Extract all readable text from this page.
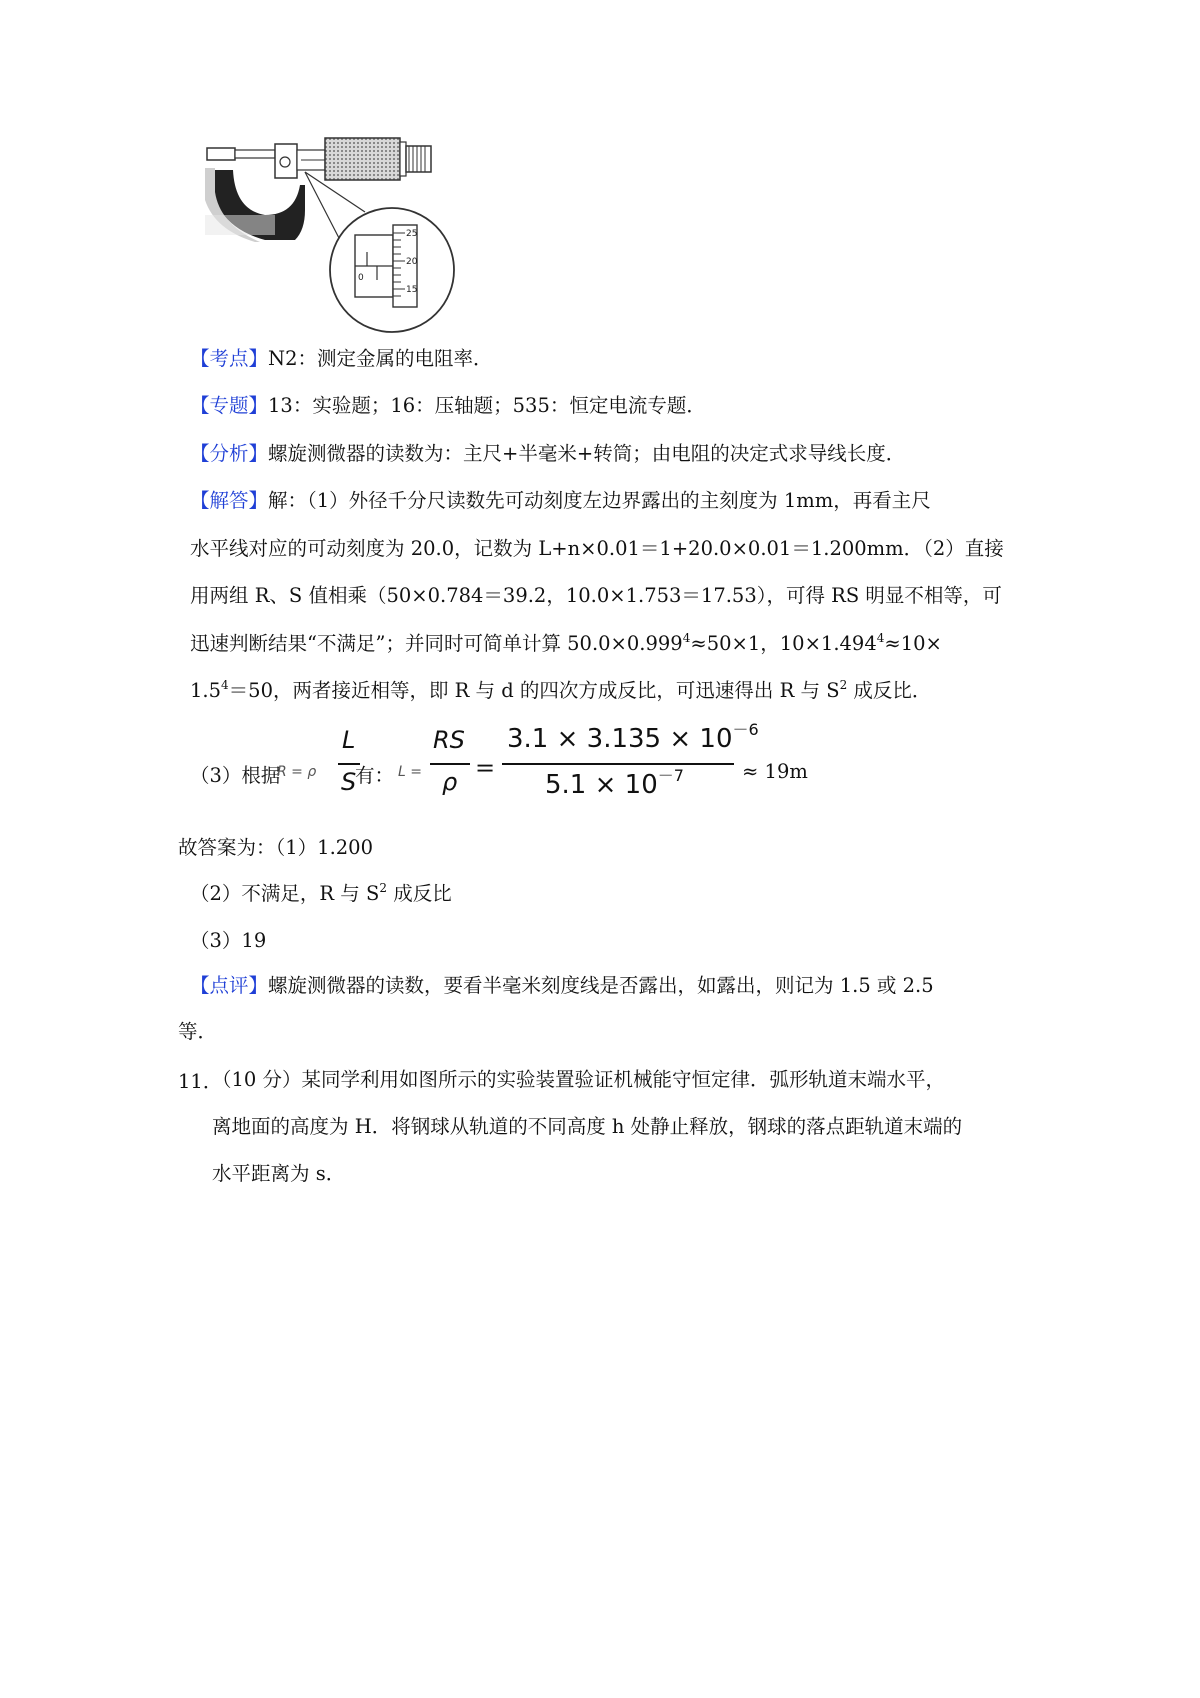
25
20
15
0
【考点】N2：测定金属的电阻率．
【专题】13：实验题；16：压轴题；535：恒定电流专题．
【分析】螺旋测微器的读数为：主尺+半毫米+转筒；由电阻的决定式求导线长度．
【解答】解：（1）外径千分尺读数先可动刻度左边界露出的主刻度为 1mm，再看主尺
水平线对应的可动刻度为 20.0，记数为 L+n×0.01＝1+20.0×0.01＝1.200mm．（2）直接
用两组 R、S 值相乘（50×0.784＝39.2，10.0×1.753＝17.53），可得 RS 明显不相等，可
迅速判断结果“不满足”；并同时可简单计算 $50.0\times 0.999^4\approx 50\times 1$，$10\times 1.494^4\approx 10\times$
$1.5^4=50$，两者接近相等，即 R 与 d 的四次方成反比，可迅速得出 R 与 $S^2$ 成反比．
（3）根据
R = ρ
L
S
有： L =
RS
ρ =
$3.1 \times 3.135 \times 10^{-6}$
$5.1 \times 10^{-7}$	≈ 19m
故答案为：（1）1.200
（2）不满足，R 与 $S^2$ 成反比
（3）19
【点评】螺旋测微器的读数，要看半毫米刻度线是否露出，如露出，则记为 1.5 或 2.5
等．
11．
（10 分）某同学利用如图所示的实验装置验证机械能守恒定律．弧形轨道末端水平，
离地面的高度为 H．将钢球从轨道的不同高度 h 处静止释放，钢球的落点距轨道末端的
水平距离为 s．
